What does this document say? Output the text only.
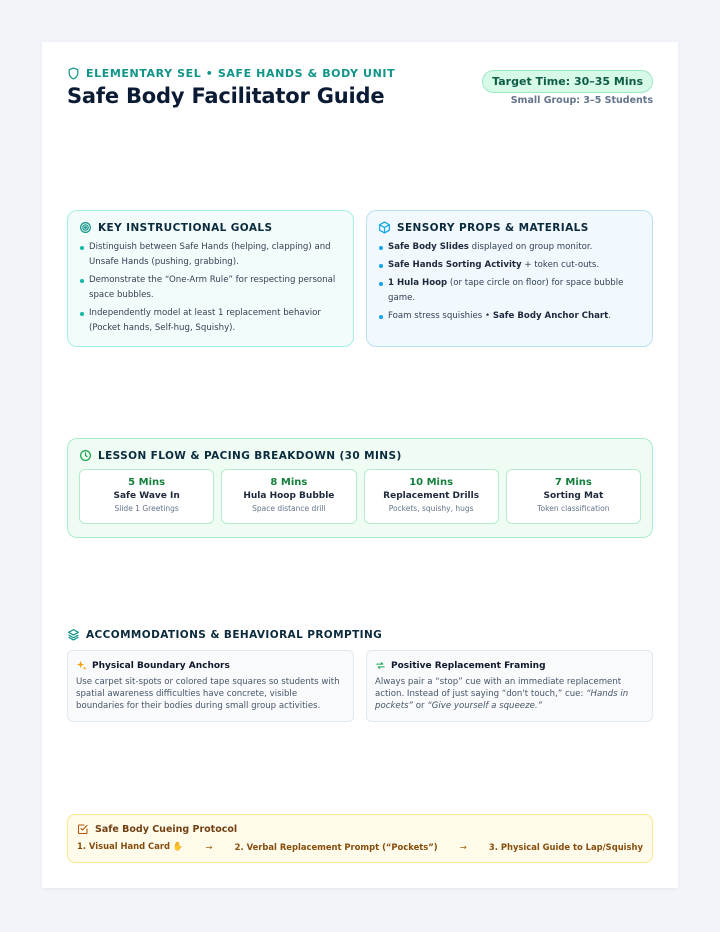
ELEMENTARY SEL • SAFE HANDS & BODY UNIT
Safe Body Facilitator Guide
Target Time: 30–35 Mins
Small Group: 3–5 Students
KEY INSTRUCTIONAL GOALS
Distinguish between Safe Hands (helping, clapping) and Unsafe Hands (pushing, grabbing).
Demonstrate the “One-Arm Rule” for respecting personal space bubbles.
Independently model at least 1 replacement behavior (Pocket hands, Self-hug, Squishy).
SENSORY PROPS & MATERIALS
Safe Body Slides displayed on group monitor.
Safe Hands Sorting Activity + token cut-outs.
1 Hula Hoop (or tape circle on floor) for space bubble game.
Foam stress squishies • Safe Body Anchor Chart.
LESSON FLOW & PACING BREAKDOWN (30 MINS)
5 Mins
Safe Wave In
Slide 1 Greetings
8 Mins
Hula Hoop Bubble
Space distance drill
10 Mins
Replacement Drills
Pockets, squishy, hugs
7 Mins
Sorting Mat
Token classification
ACCOMMODATIONS & BEHAVIORAL PROMPTING
Physical Boundary Anchors
Use carpet sit-spots or colored tape squares so students with spatial awareness difficulties have concrete, visible boundaries for their bodies during small group activities.
Positive Replacement Framing
Always pair a “stop” cue with an immediate replacement action. Instead of just saying “don't touch,” cue: “Hands in pockets” or “Give yourself a squeeze.”
Safe Body Cueing Protocol
1. Visual Hand Card ✋	→	2. Verbal Replacement Prompt (“Pockets”)	→	3. Physical Guide to Lap/Squishy
